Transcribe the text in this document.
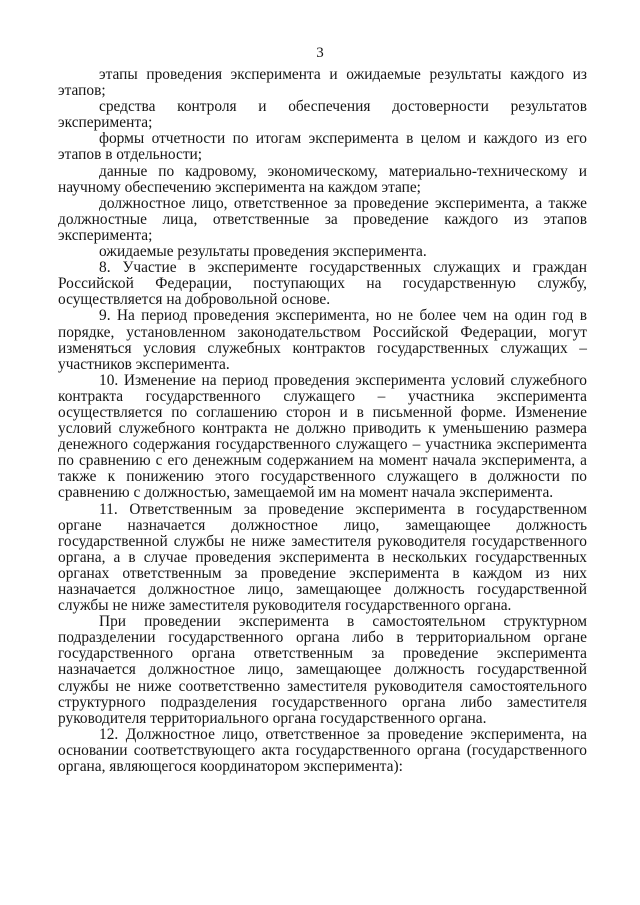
3

этапы проведения эксперимента и ожидаемые результаты каждого из этапов;

средства контроля и обеспечения достоверности результатов эксперимента;

формы отчетности по итогам эксперимента в целом и каждого из его этапов в отдельности;

данные по кадровому, экономическому, материально-техническому и научному обеспечению эксперимента на каждом этапе;

должностное лицо, ответственное за проведение эксперимента, а также должностные лица, ответственные за проведение каждого из этапов эксперимента;

ожидаемые результаты проведения эксперимента.

8. Участие в эксперименте государственных служащих и граждан Российской Федерации, поступающих на государственную службу, осуществляется на добровольной основе.

9. На период проведения эксперимента, но не более чем на один год в порядке, установленном законодательством Российской Федерации, могут изменяться условия служебных контрактов государственных служащих – участников эксперимента.

10. Изменение на период проведения эксперимента условий служебного контракта государственного служащего – участника эксперимента осуществляется по соглашению сторон и в письменной форме. Изменение условий служебного контракта не должно приводить к уменьшению размера денежного содержания государственного служащего – участника эксперимента по сравнению с его денежным содержанием на момент начала эксперимента, а также к понижению этого государственного служащего в должности по сравнению с должностью, замещаемой им на момент начала эксперимента.

11. Ответственным за проведение эксперимента в государственном органе назначается должностное лицо, замещающее должность государственной службы не ниже заместителя руководителя государственного органа, а в случае проведения эксперимента в нескольких государственных органах ответственным за проведение эксперимента в каждом из них назначается должностное лицо, замещающее должность государственной службы не ниже заместителя руководителя государственного органа.

При проведении эксперимента в самостоятельном структурном подразделении государственного органа либо в территориальном органе государственного органа ответственным за проведение эксперимента назначается должностное лицо, замещающее должность государственной службы не ниже соответственно заместителя руководителя самостоятельного структурного подразделения государственного органа либо заместителя руководителя территориального органа государственного органа.

12. Должностное лицо, ответственное за проведение эксперимента, на основании соответствующего акта государственного органа (государственного органа, являющегося координатором эксперимента):
